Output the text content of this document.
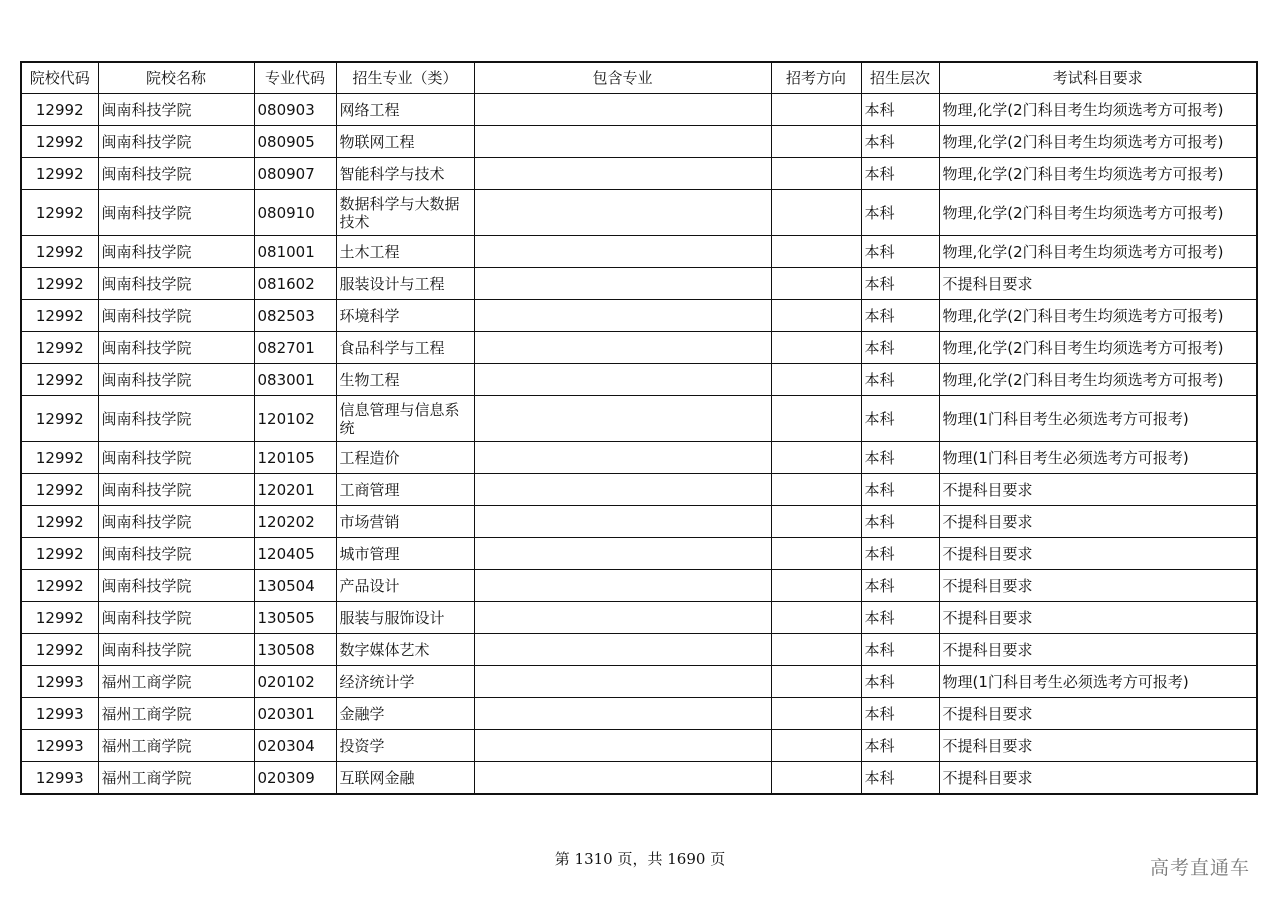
院校代码	院校名称	专业代码	招生专业（类）	包含专业	招考方向	招生层次	考试科目要求
12992	闽南科技学院	080903	网络工程			本科	物理,化学(2门科目考生均须选考方可报考)
12992	闽南科技学院	080905	物联网工程			本科	物理,化学(2门科目考生均须选考方可报考)
12992	闽南科技学院	080907	智能科学与技术			本科	物理,化学(2门科目考生均须选考方可报考)
12992	闽南科技学院	080910	数据科学与大数据技术			本科	物理,化学(2门科目考生均须选考方可报考)
12992	闽南科技学院	081001	土木工程			本科	物理,化学(2门科目考生均须选考方可报考)
12992	闽南科技学院	081602	服装设计与工程			本科	不提科目要求
12992	闽南科技学院	082503	环境科学			本科	物理,化学(2门科目考生均须选考方可报考)
12992	闽南科技学院	082701	食品科学与工程			本科	物理,化学(2门科目考生均须选考方可报考)
12992	闽南科技学院	083001	生物工程			本科	物理,化学(2门科目考生均须选考方可报考)
12992	闽南科技学院	120102	信息管理与信息系统			本科	物理(1门科目考生必须选考方可报考)
12992	闽南科技学院	120105	工程造价			本科	物理(1门科目考生必须选考方可报考)
12992	闽南科技学院	120201	工商管理			本科	不提科目要求
12992	闽南科技学院	120202	市场营销			本科	不提科目要求
12992	闽南科技学院	120405	城市管理			本科	不提科目要求
12992	闽南科技学院	130504	产品设计			本科	不提科目要求
12992	闽南科技学院	130505	服装与服饰设计			本科	不提科目要求
12992	闽南科技学院	130508	数字媒体艺术			本科	不提科目要求
12993	福州工商学院	020102	经济统计学			本科	物理(1门科目考生必须选考方可报考)
12993	福州工商学院	020301	金融学			本科	不提科目要求
12993	福州工商学院	020304	投资学			本科	不提科目要求
12993	福州工商学院	020309	互联网金融			本科	不提科目要求
第 1310 页，共 1690 页	高考直通车
